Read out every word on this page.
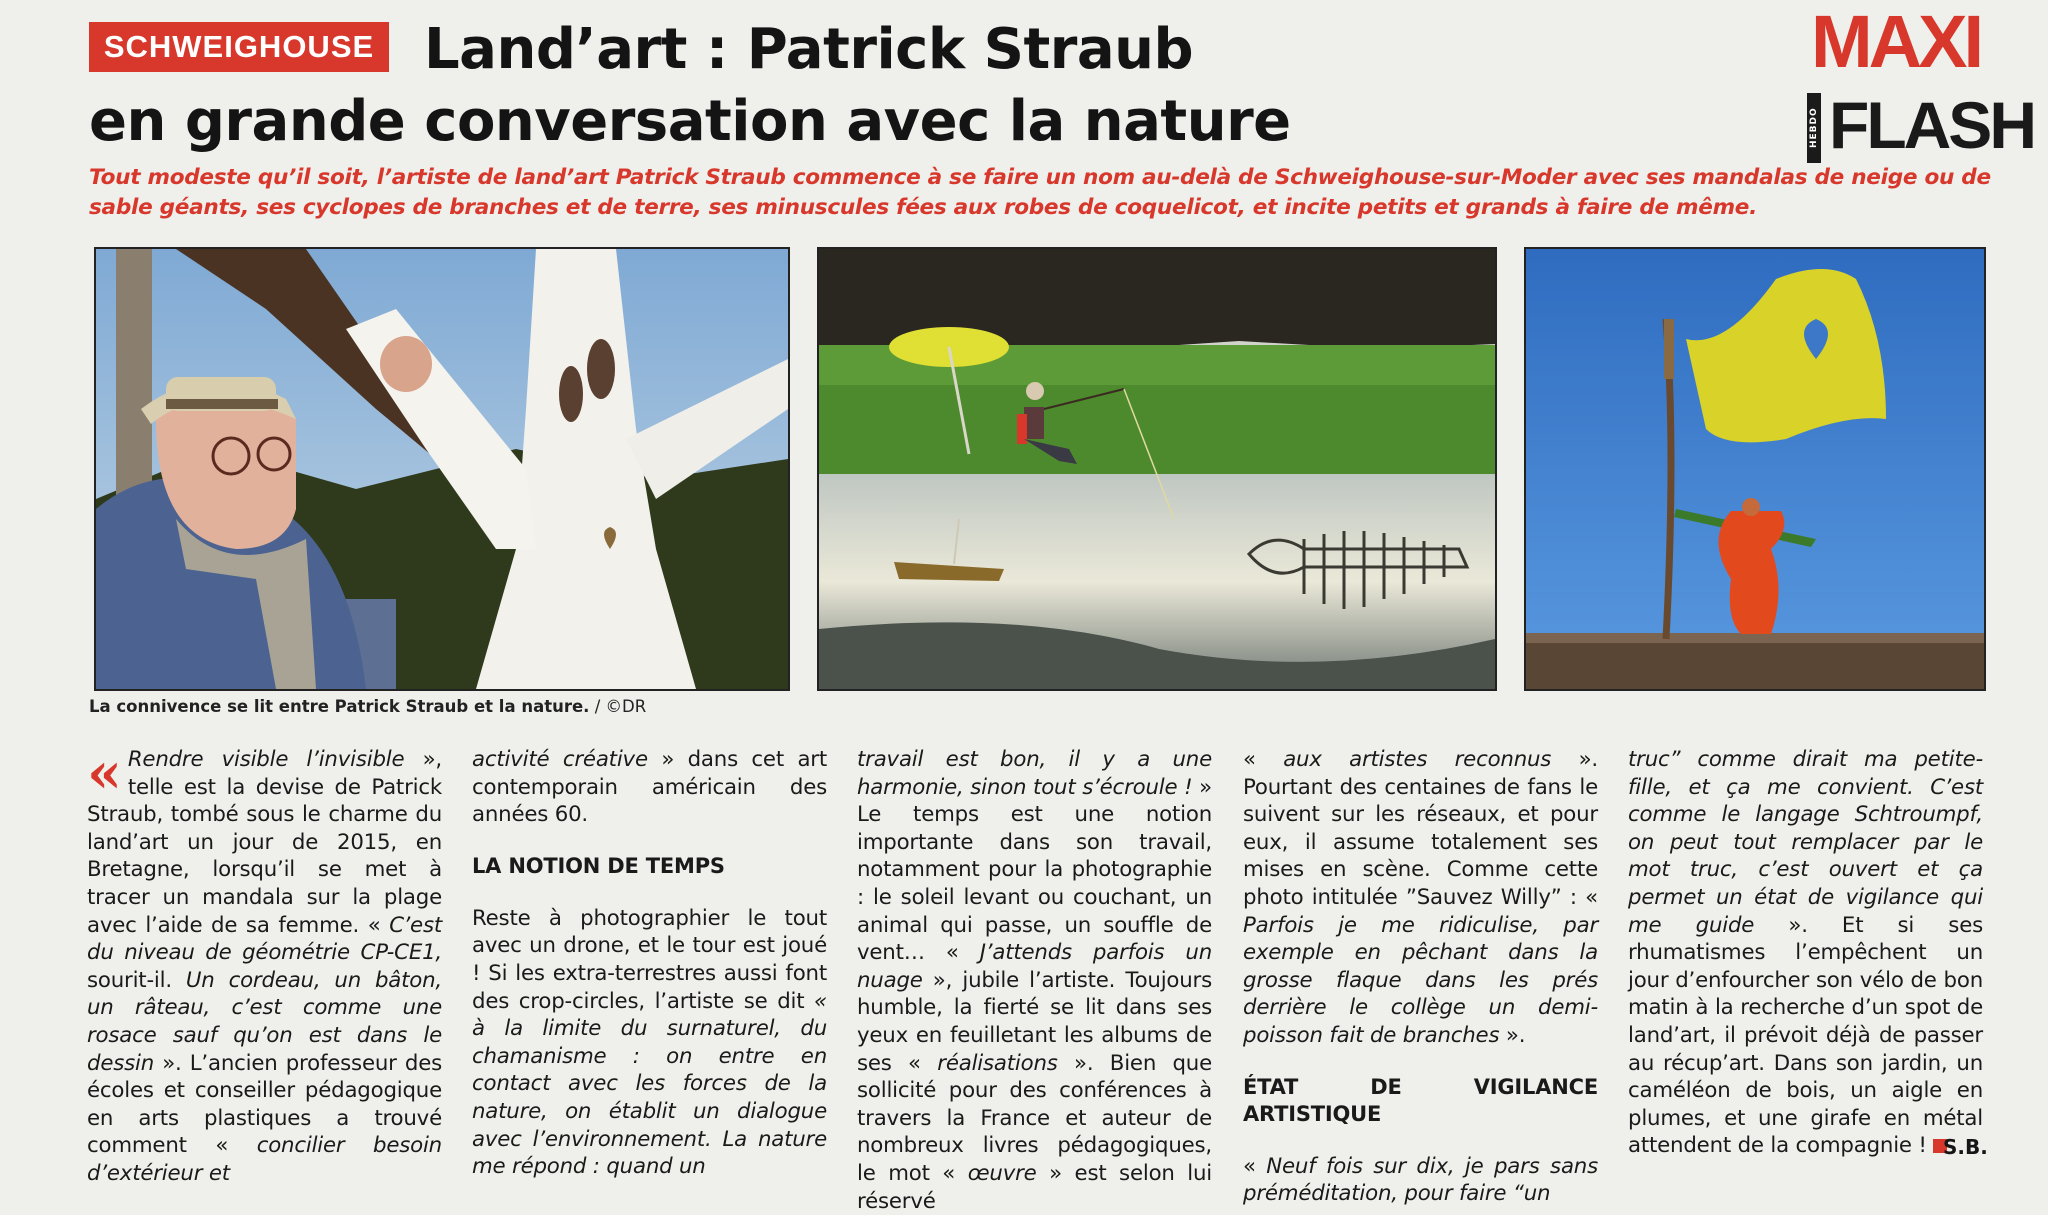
SCHWEIGHOUSE Land’art : Patrick Straub
en grande conversation avec la nature
MAXI
HEBDO FLASH
Tout modeste qu’il soit, l’artiste de land’art Patrick Straub commence à se faire un nom au-delà de Schweighouse-sur-Moder avec ses mandalas de neige ou de sable géants, ses cyclopes de branches et de terre, ses minuscules fées aux robes de coquelicot, et incite petits et grands à faire de même.
La connivence se lit entre Patrick Straub et la nature. / ©DR

« Rendre visible l’invisible », telle est la devise de Patrick Straub, tombé sous le charme du land’art un jour de 2015, en Bretagne, lorsqu’il se met à tracer un mandala sur la plage avec l’aide de sa femme. « C’est du niveau de géométrie CP-CE1, sourit-il. Un cordeau, un bâton, un râteau, c’est comme une rosace sauf qu’on est dans le dessin ». L’ancien professeur des écoles et conseiller pédagogique en arts plastiques a trouvé comment « concilier besoin d’extérieur et

activité créative » dans cet art contemporain américain des années 60.

LA NOTION DE TEMPS

Reste à photographier le tout avec un drone, et le tour est joué ! Si les extra-terrestres aussi font des crop-circles, l’artiste se dit « à la limite du surnaturel, du chamanisme : on entre en contact avec les forces de la nature, on établit un dialogue avec l’environnement. La nature me répond : quand un

travail est bon, il y a une harmonie, sinon tout s’écroule ! » Le temps est une notion importante dans son travail, notamment pour la photographie : le soleil levant ou couchant, un animal qui passe, un souffle de vent… « J’attends parfois un nuage », jubile l’artiste. Toujours humble, la fierté se lit dans ses yeux en feuilletant les albums de ses « réalisations ». Bien que sollicité pour des conférences à travers la France et auteur de nombreux livres pédagogiques, le mot « œuvre » est selon lui réservé

« aux artistes reconnus ». Pourtant des centaines de fans le suivent sur les réseaux, et pour eux, il assume totalement ses mises en scène. Comme cette photo intitulée ”Sauvez Willy” : « Parfois je me ridiculise, par exemple en pêchant dans la grosse flaque dans les prés derrière le collège un demi-poisson fait de branches ».

ÉTAT DE VIGILANCE ARTISTIQUE

« Neuf fois sur dix, je pars sans préméditation, pour faire “un

truc” comme dirait ma petite-fille, et ça me convient. C’est comme le langage Schtroumpf, on peut tout remplacer par le mot truc, c’est ouvert et ça permet un état de vigilance qui me guide ». Et si ses rhumatismes l’empêchent un jour d’enfourcher son vélo de bon matin à la recherche d’un spot de land’art, il prévoit déjà de passer au récup’art. Dans son jardin, un caméléon de bois, un aigle en plumes, et une girafe en métal attendent de la compagnie ! S.B.
